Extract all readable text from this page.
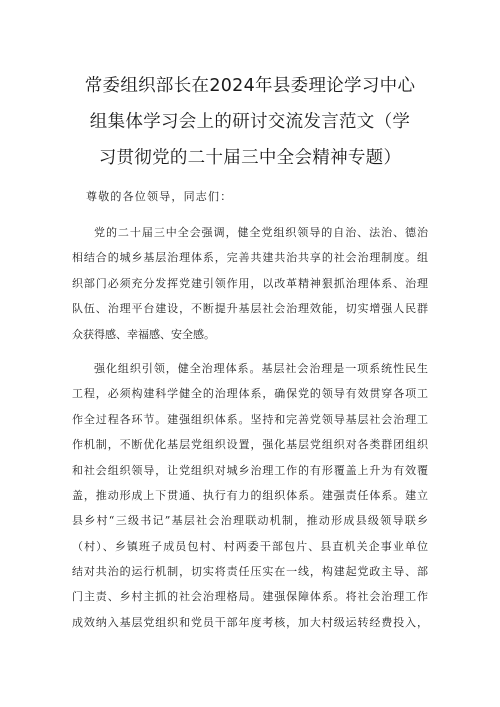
常委组织部长在2024年县委理论学习中心
组集体学习会上的研讨交流发言范文（学
习贯彻党的二十届三中全会精神专题）
尊敬的各位领导，同志们：
党的二十届三中全会强调，健全党组织领导的自治、法治、德治
相结合的城乡基层治理体系，完善共建共治共享的社会治理制度。组
织部门必须充分发挥党建引领作用，以改革精神狠抓治理体系、治理
队伍、治理平台建设，不断提升基层社会治理效能，切实增强人民群
众获得感、幸福感、安全感。
强化组织引领，健全治理体系。基层社会治理是一项系统性民生
工程，必须构建科学健全的治理体系，确保党的领导有效贯穿各项工
作全过程各环节。建强组织体系。坚持和完善党领导基层社会治理工
作机制，不断优化基层党组织设置，强化基层党组织对各类群团组织
和社会组织领导，让党组织对城乡治理工作的有形覆盖上升为有效覆
盖，推动形成上下贯通、执行有力的组织体系。建强责任体系。建立
县乡村“三级书记”基层社会治理联动机制，推动形成县级领导联乡
（村）、乡镇班子成员包村、村两委干部包片、县直机关企事业单位
结对共治的运行机制，切实将责任压实在一线，构建起党政主导、部
门主责、乡村主抓的社会治理格局。建强保障体系。将社会治理工作
成效纳入基层党组织和党员干部年度考核，加大村级运转经费投入，
